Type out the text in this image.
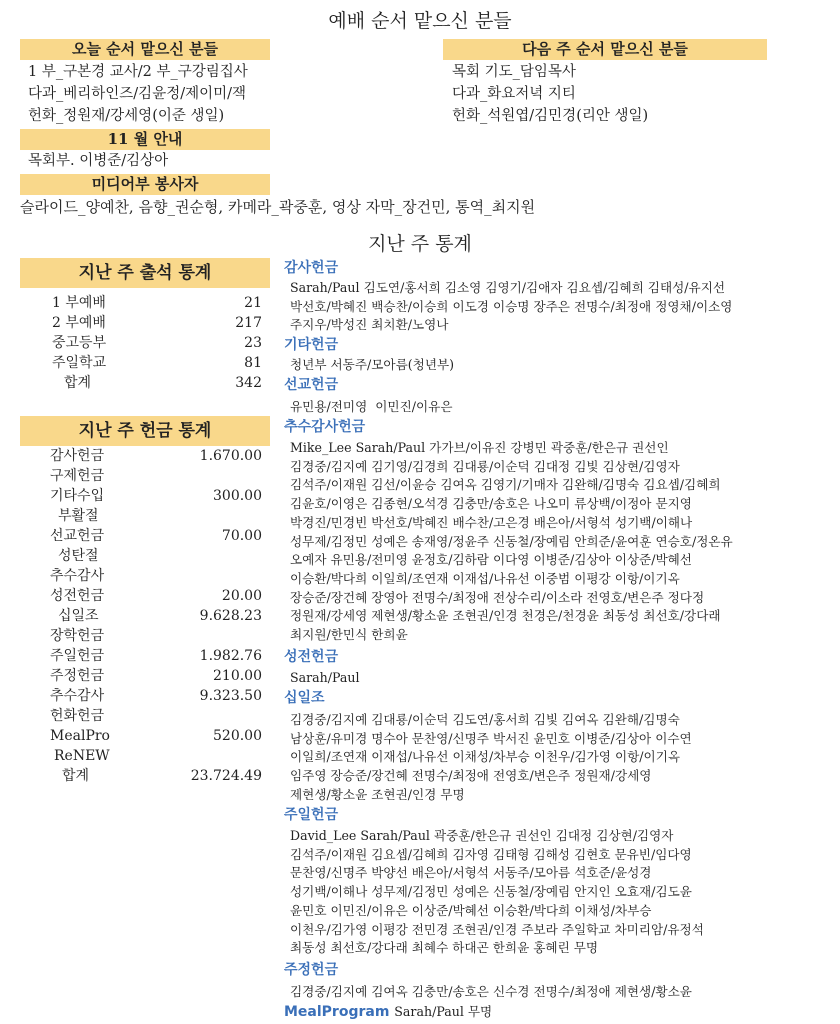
예배 순서 맡으신 분들
오늘 순서 맡으신 분들
1 부_구본경 교사/2 부_구강림집사
다과_베리하인즈/김윤정/제이미/잭
헌화_정원재/강세영(이준 생일)
다음 주 순서 맡으신 분들
목회 기도_담임목사
다과_화요저녁 지티
헌화_석원엽/김민경(리안 생일)
11 월 안내
목회부. 이병준/김상아
미디어부 봉사자
슬라이드_양예찬, 음향_권순형, 카메라_곽중훈, 영상 자막_장건민, 통역_최지원
지난 주 통계
지난 주 출석 통계
1 부예배	21
2 부예배	217
중고등부	23
주일학교	81
합계	342
지난 주 헌금 통계
감사헌금	1.670.00
구제헌금	
기타수입	300.00
부활절	
선교헌금	70.00
성탄절	
추수감사	
성전헌금	20.00
십일조	9.628.23
장학헌금	
주일헌금	1.982.76
주정헌금	210.00
추수감사	9.323.50
헌화헌금	
MealPro	520.00
ReNEW	
합계	23.724.49
감사헌금
Sarah/Paul 김도연/홍서희 김소영 김영기/김애자 김요셉/김혜희 김태성/유지선
박선호/박혜진 백승찬/이승희 이도경 이승명 장주은 전명수/최정애 정영채/이소영
주지우/박성진 최치환/노영나
기타헌금
청년부 서동주/모아름(청년부)
선교헌금
유민용/전미영  이민진/이유은
추수감사헌금
Mike_Lee Sarah/Paul 가가브/이유진 강병민 곽중훈/한은규 권선인
김경중/김지예 김기영/김경희 김대룡/이순덕 김대정 김빛 김상현/김영자
김석주/이재원 김선/이윤승 김여옥 김영기/기매자 김완해/김명숙 김요셉/김혜희
김윤호/이영은 김종현/오석경 김충만/송호은 나오미 류상백/이정아 문지영
박경진/민경빈 박선호/박혜진 배수찬/고은경 배은아/서형석 성기백/이해나
성무제/김정민 성예은 송재영/정윤주 신동철/장예림 안희준/윤여훈 연승호/정온유
오예자 유민용/전미영 윤정호/김하람 이다영 이병준/김상아 이상준/박혜선
이승환/박다희 이일희/조연재 이재섭/나유선 이중범 이평강 이항/이기옥
장승준/장건혜 장영아 전명수/최정애 전상수리/이소라 전영호/변은주 정다정
정원재/강세영 제현생/황소윤 조현권/인경 천경은/천경윤 최동성 최선호/강다래
최지원/한민식 한희윤
성전헌금
Sarah/Paul
십일조
김경중/김지예 김대룡/이순덕 김도연/홍서희 김빛 김여옥 김완해/김명숙
남상훈/유미경 명수아 문찬영/신명주 박서진 윤민호 이병준/김상아 이수연
이일희/조연재 이재섭/나유선 이채성/차부승 이천우/김가영 이항/이기옥
임주영 장승준/장건혜 전명수/최정애 전영호/변은주 정원재/강세영
제현생/황소윤 조현권/인경 무명
주일헌금
David_Lee Sarah/Paul 곽중훈/한은규 권선인 김대정 김상현/김영자
김석주/이재원 김요셉/김혜희 김자영 김태형 김해성 김현호 문유빈/임다영
문찬영/신명주 박양선 배은아/서형석 서동주/모아름 석호준/윤성경
성기백/이해나 성무제/김정민 성예은 신동철/장예림 안지인 오효재/김도윤
윤민호 이민진/이유은 이상준/박혜선 이승환/박다희 이채성/차부승
이천우/김가영 이평강 전민경 조현권/인경 주보라 주일학교 차미리암/유정석
최동성 최선호/강다래 최혜수 하대곤 한희윤 홍혜린 무명
주정헌금
김경중/김지예 김여옥 김충만/송호은 신수경 전명수/최정애 제현생/황소윤
MealProgram Sarah/Paul 무명
